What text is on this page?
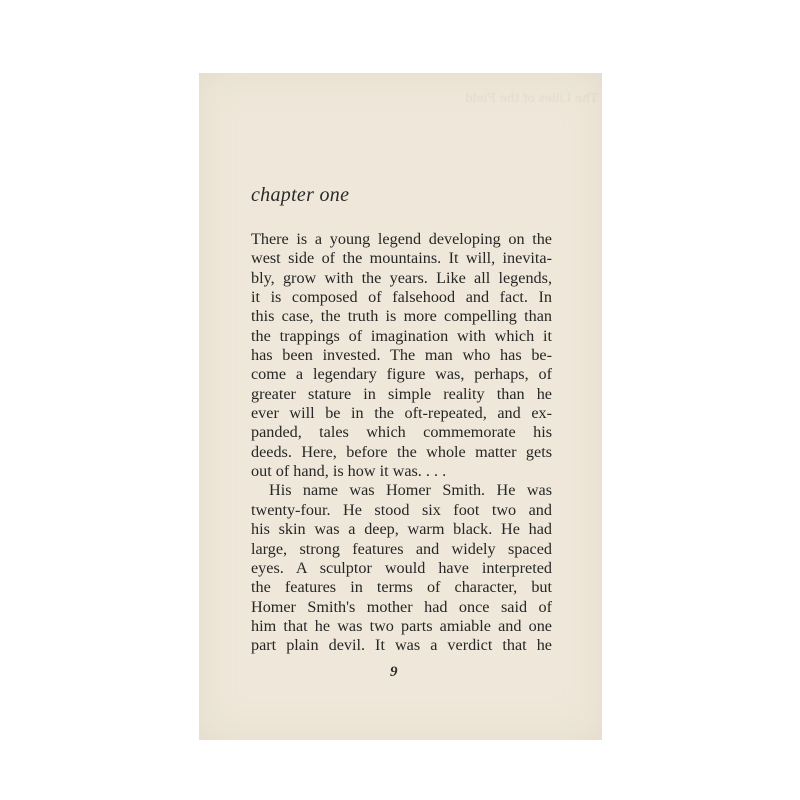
The Lilies of the Field

chapter one
There is a young legend developing on the
west side of the mountains. It will, inevita-
bly, grow with the years. Like all legends,
it is composed of falsehood and fact. In
this case, the truth is more compelling than
the trappings of imagination with which it
has been invested. The man who has be-
come a legendary figure was, perhaps, of
greater stature in simple reality than he
ever will be in the oft-repeated, and ex-
panded, tales which commemorate his
deeds. Here, before the whole matter gets
out of hand, is how it was. . . .
His name was Homer Smith. He was
twenty-four. He stood six foot two and
his skin was a deep, warm black. He had
large, strong features and widely spaced
eyes. A sculptor would have interpreted
the features in terms of character, but
Homer Smith's mother had once said of
him that he was two parts amiable and one
part plain devil. It was a verdict that he
9
